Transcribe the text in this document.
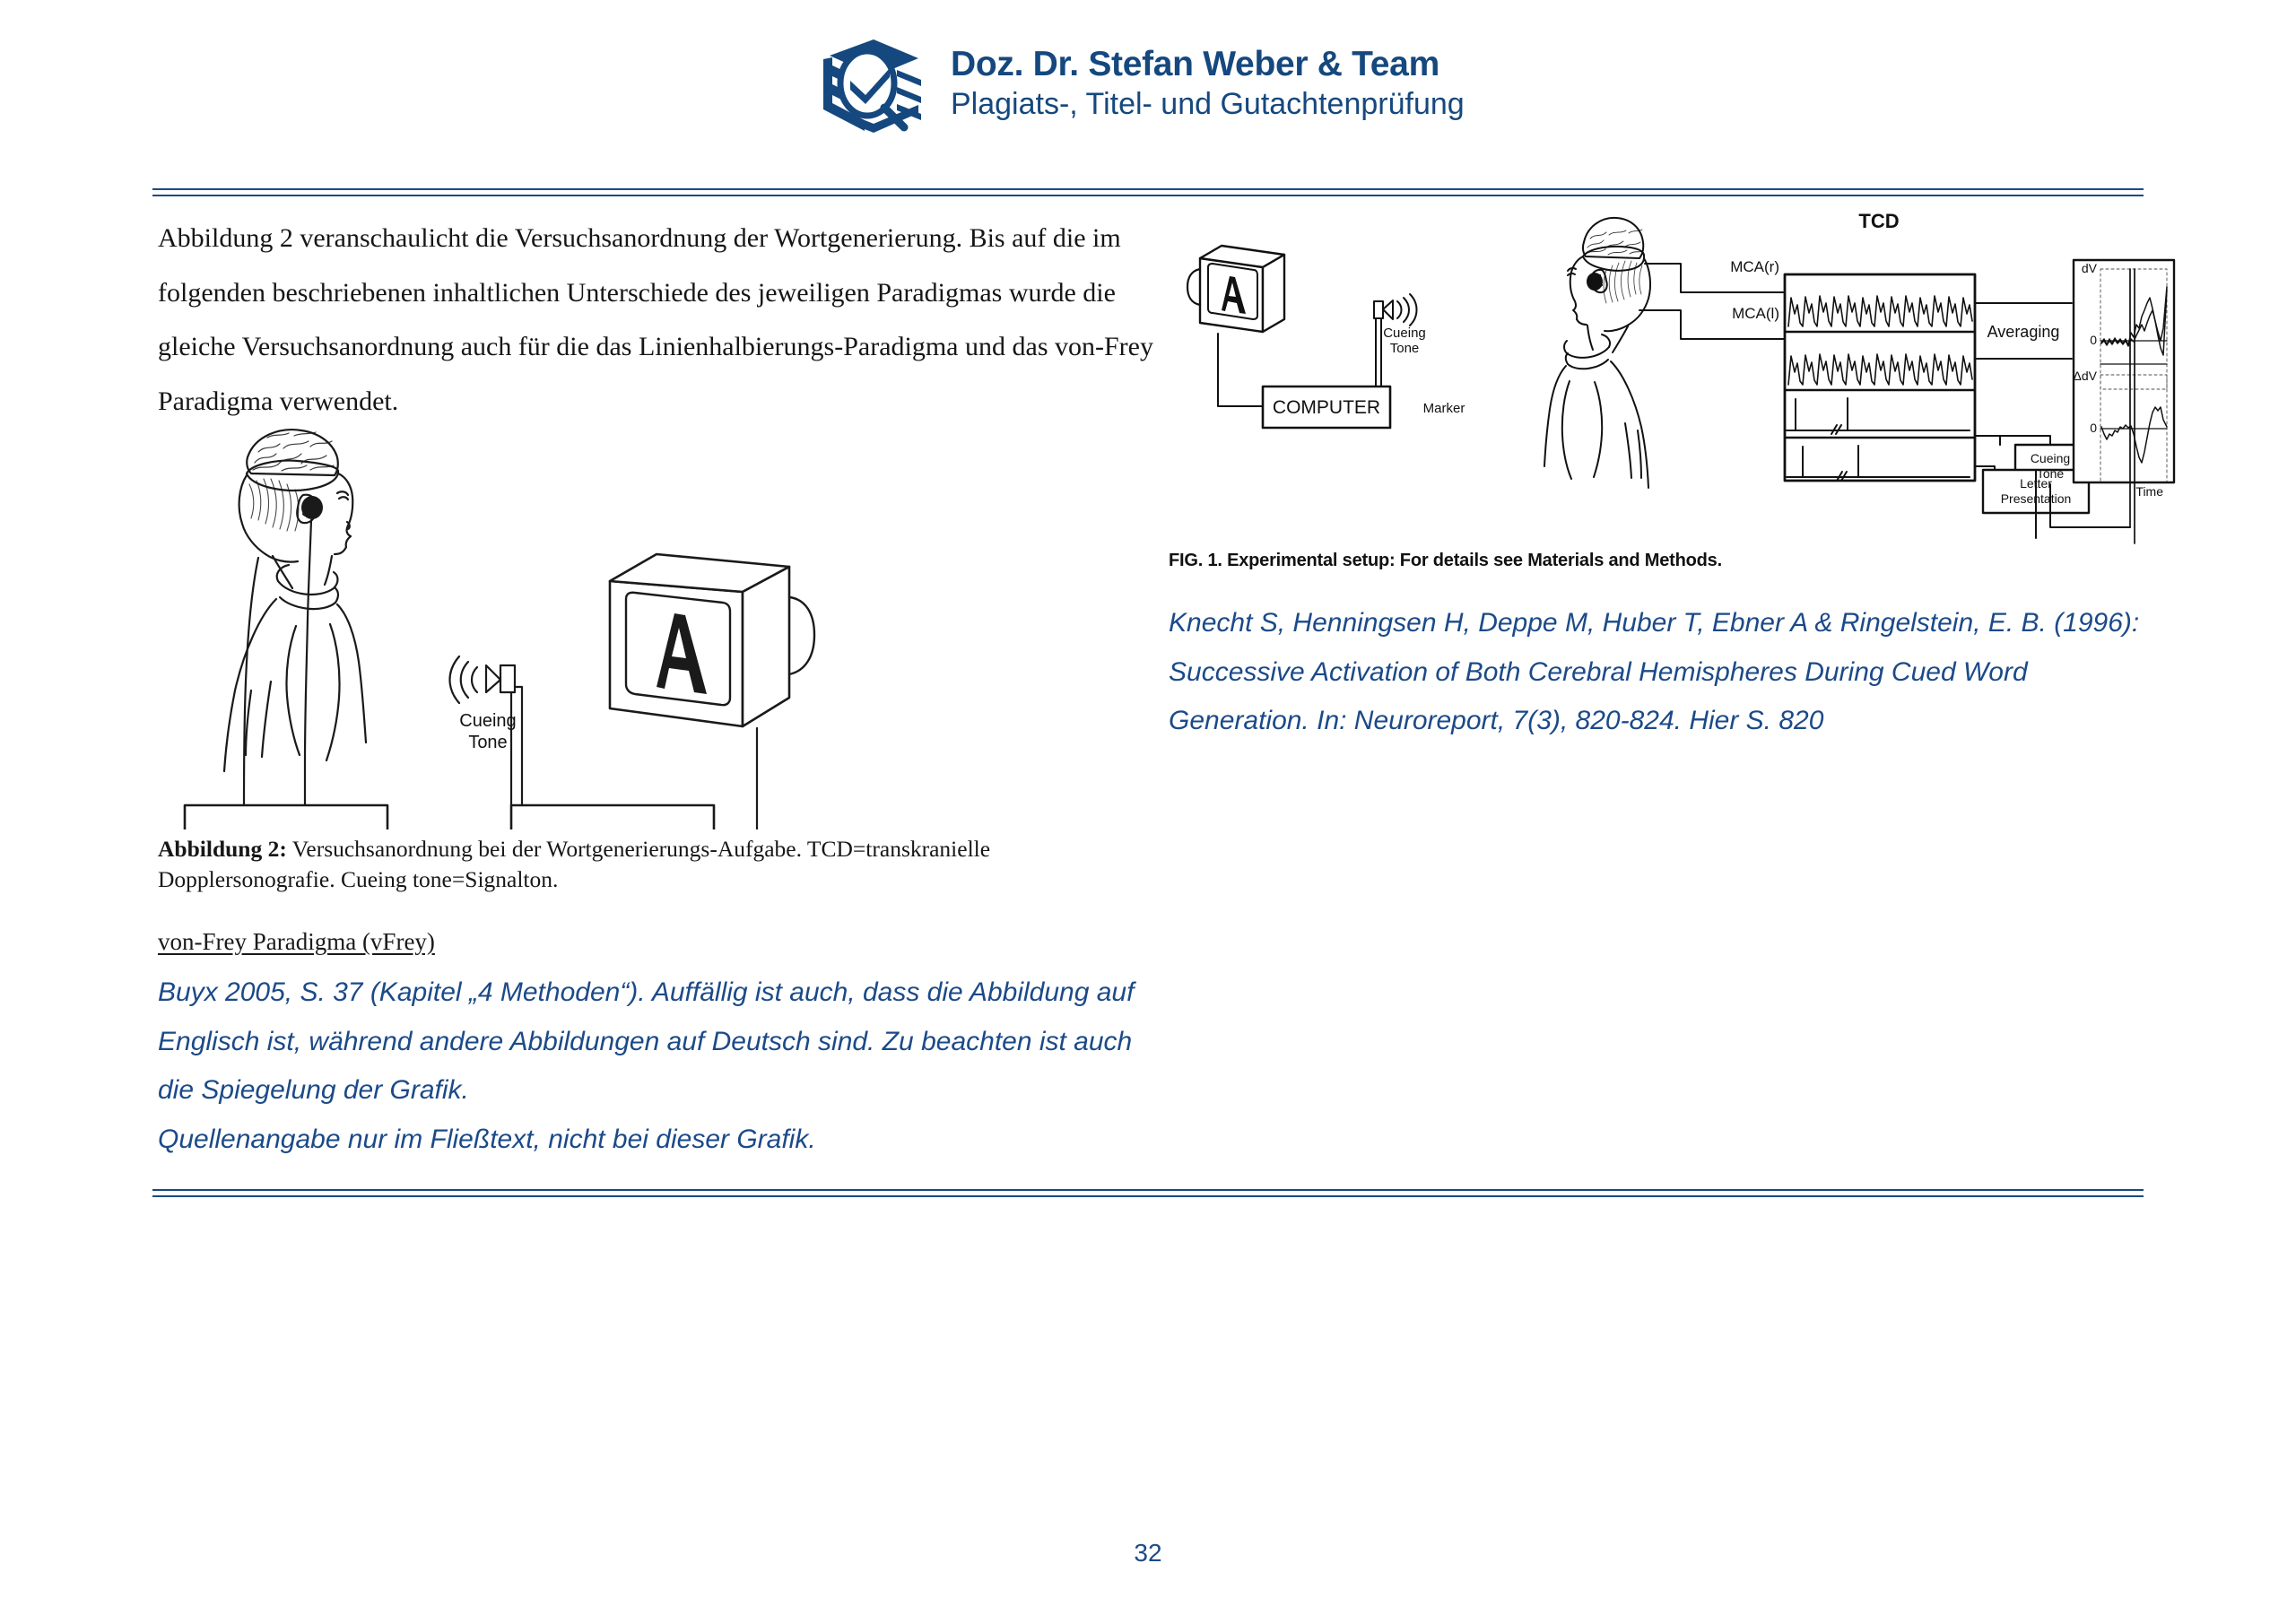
Doz. Dr. Stefan Weber & Team
Plagiats-, Titel- und Gutachtenprüfung
Abbildung 2 veranschaulicht die Versuchsanordnung der Wortgenerierung. Bis auf die im folgenden beschriebenen inhaltlichen Unterschiede des jeweiligen Paradigmas wurde die gleiche Versuchsanordnung auch für die das Linienhalbierungs-Paradigma und das von-Frey Paradigma verwendet.
Cueing
Tone
Abbildung 2: Versuchsanordnung bei der Wortgenerierungs-Aufgabe. TCD=transkranielle Dopplersonografie. Cueing tone=Signalton.
von-Frey Paradigma (vFrey)
Buyx 2005, S. 37 (Kapitel „4 Methoden“). Auffällig ist auch, dass die Abbildung auf Englisch ist, während andere Abbildungen auf Deutsch sind. Zu beachten ist auch die Spiegelung der Grafik.
Quellenangabe nur im Fließtext, nicht bei dieser Grafik.
COMPUTER	Marker
Cueing
Tone
TCD
MCA(r)
MCA(l)
Averaging
Cueing
Tone
Letter
Presentation
dV
0
ΔdV
0
Time
FIG. 1. Experimental setup: For details see Materials and Methods.
Knecht S, Henningsen H, Deppe M, Huber T, Ebner A & Ringelstein, E. B. (1996): Successive Activation of Both Cerebral Hemispheres During Cued Word Generation. In: Neuroreport, 7(3), 820-824. Hier S. 820
32
